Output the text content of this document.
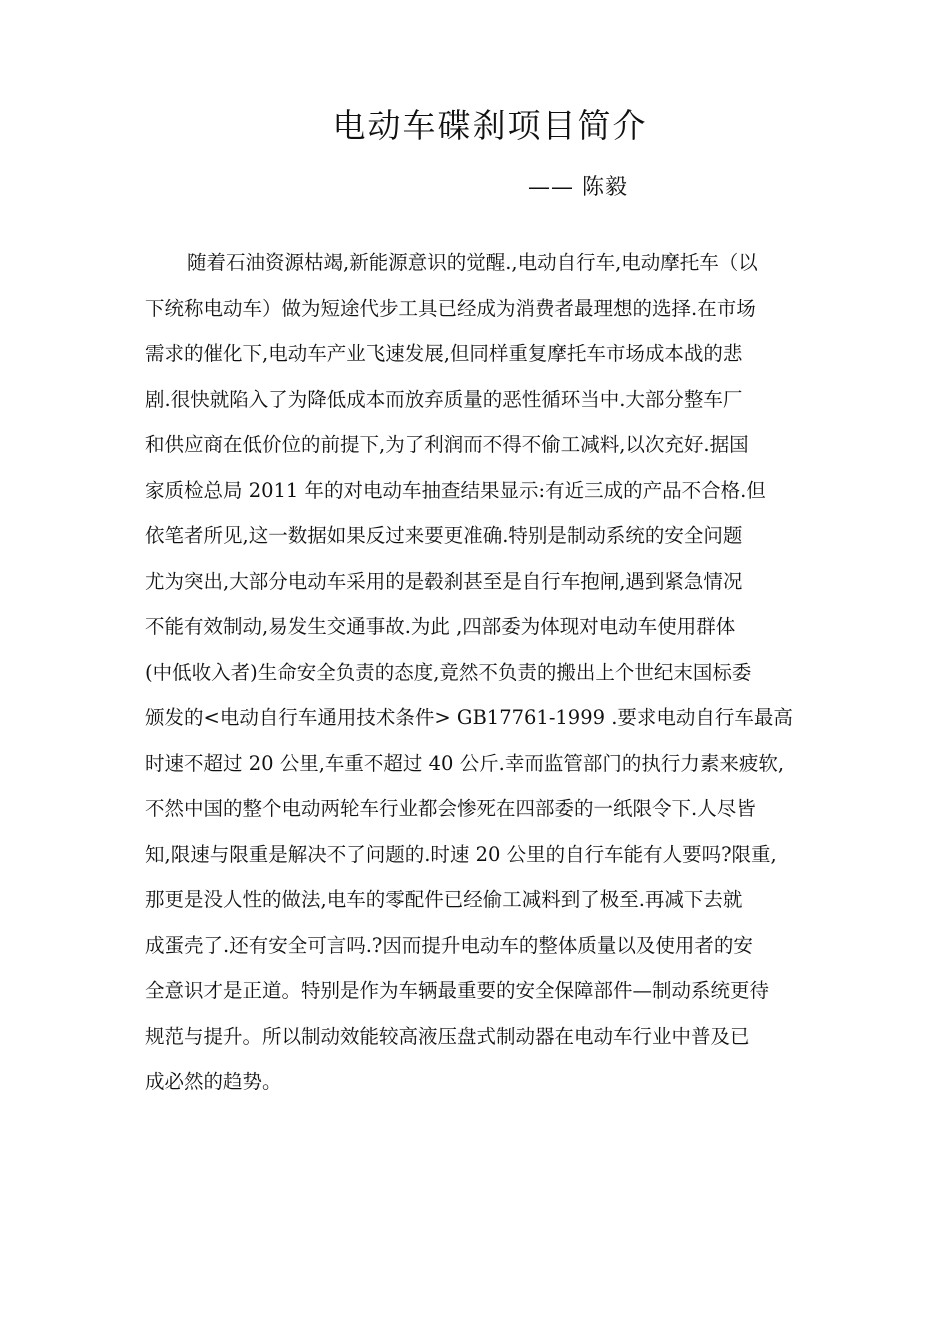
电动车碟刹项目简介
—— 陈毅
随着石油资源枯竭,新能源意识的觉醒.,电动自行车,电动摩托车（以
下统称电动车）做为短途代步工具已经成为消费者最理想的选择.在市场
需求的催化下,电动车产业飞速发展,但同样重复摩托车市场成本战的悲
剧.很快就陷入了为降低成本而放弃质量的恶性循环当中.大部分整车厂
和供应商在低价位的前提下,为了利润而不得不偷工减料,以次充好.据国
家质检总局 2011 年的对电动车抽查结果显示:有近三成的产品不合格.但
依笔者所见,这一数据如果反过来要更准确.特别是制动系统的安全问题
尤为突出,大部分电动车采用的是毂刹甚至是自行车抱闸,遇到紧急情况
不能有效制动,易发生交通事故.为此 ,四部委为体现对电动车使用群体
(中低收入者)生命安全负责的态度,竟然不负责的搬出上个世纪末国标委
颁发的<电动自行车通用技术条件> GB17761-1999 .要求电动自行车最高
时速不超过 20 公里,车重不超过 40 公斤.幸而监管部门的执行力素来疲软,
不然中国的整个电动两轮车行业都会惨死在四部委的一纸限令下.人尽皆
知,限速与限重是解决不了问题的.时速 20 公里的自行车能有人要吗?限重,
那更是没人性的做法,电车的零配件已经偷工减料到了极至.再减下去就
成蛋壳了.还有安全可言吗.?因而提升电动车的整体质量以及使用者的安
全意识才是正道。特别是作为车辆最重要的安全保障部件—制动系统更待
规范与提升。所以制动效能较高液压盘式制动器在电动车行业中普及已
成必然的趋势。
